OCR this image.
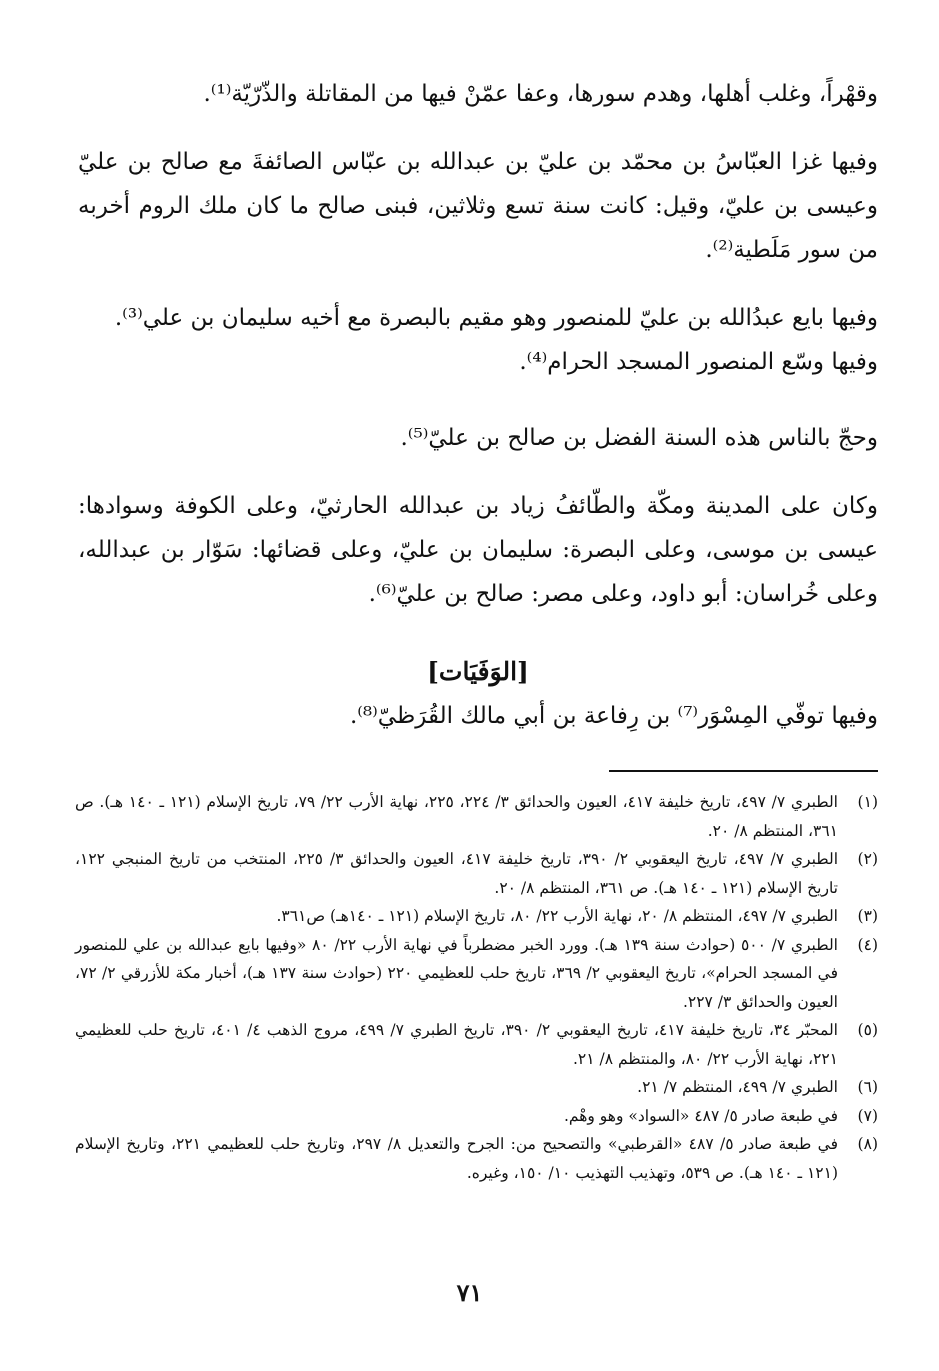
وقهْراً، وغلب أهلها، وهدم سورها، وعفا عمّنْ فيها من المقاتلة والذّرّيّة⁽¹⁾.

وفيها غزا العبّاسُ بن محمّد بن عليّ بن عبدالله بن عبّاس الصائفةَ مع صالح بن عليّ وعيسى بن عليّ، وقيل: كانت سنة تسع وثلاثين، فبنى صالح ما كان ملك الروم أخربه من سور مَلَطية⁽²⁾.

وفيها بايع عبدُالله بن عليّ للمنصور وهو مقيم بالبصرة مع أخيه سليمان بن علي⁽³⁾.

وفيها وسّع المنصور المسجد الحرام⁽⁴⁾.

وحجّ بالناس هذه السنة الفضل بن صالح بن عليّ⁽⁵⁾.

وكان على المدينة ومكّة والطّائفُ زياد بن عبدالله الحارثيّ، وعلى الكوفة وسوادها: عيسى بن موسى، وعلى البصرة: سليمان بن عليّ، وعلى قضائها: سَوّار بن عبدالله، وعلى خُراسان: أبو داود، وعلى مصر: صالح بن عليّ⁽⁶⁾.

[الوَفَيَات]

وفيها توفّي المِسْوَر⁽⁷⁾ بن رِفاعة بن أبي مالك القُرَظيّ⁽⁸⁾.

(١)
الطبري ٧/ ٤٩٧، تاريخ خليفة ٤١٧، العيون والحدائق ٣/ ٢٢٤، ٢٢٥، نهاية الأرب ٢٢/ ٧٩، تاريخ الإسلام (١٢١ ـ ١٤٠ هـ). ص ٣٦١، المنتظم ٨/ ٢٠.
(٢)
الطبري ٧/ ٤٩٧، تاريخ اليعقوبي ٢/ ٣٩٠، تاريخ خليفة ٤١٧، العيون والحدائق ٣/ ٢٢٥، المنتخب من تاريخ المنبجي ١٢٢، تاريخ الإسلام (١٢١ ـ ١٤٠ هـ). ص ٣٦١، المنتظم ٨/ ٢٠.
(٣)
الطبري ٧/ ٤٩٧، المنتظم ٨/ ٢٠، نهاية الأرب ٢٢/ ٨٠، تاريخ الإسلام (١٢١ ـ ١٤٠هـ) ص٣٦١.
(٤)
الطبري ٧/ ٥٠٠ (حوادث سنة ١٣٩ هـ). وورد الخبر مضطرباً في نهاية الأرب ٢٢/ ٨٠ «وفيها بايع عبدالله بن علي للمنصور في المسجد الحرام»، تاريخ اليعقوبي ٢/ ٣٦٩، تاريخ حلب للعظيمي ٢٢٠ (حوادث سنة ١٣٧ هـ)، أخبار مكة للأزرقي ٢/ ٧٢، العيون والحدائق ٣/ ٢٢٧.
(٥)
المحبّر ٣٤، تاريخ خليفة ٤١٧، تاريخ اليعقوبي ٢/ ٣٩٠، تاريخ الطبري ٧/ ٤٩٩، مروج الذهب ٤/ ٤٠١، تاريخ حلب للعظيمي ٢٢١، نهاية الأرب ٢٢/ ٨٠، والمنتظم ٨/ ٢١.
(٦)
الطبري ٧/ ٤٩٩، المنتظم ٧/ ٢١.
(٧)
في طبعة صادر ٥/ ٤٨٧ «السواد» وهو وهْم.
(٨)
في طبعة صادر ٥/ ٤٨٧ «القرطبي» والتصحيح من: الجرح والتعديل ٨/ ٢٩٧، وتاريخ حلب للعظيمي ٢٢١، وتاريخ الإسلام (١٢١ ـ ١٤٠ هـ). ص ٥٣٩، وتهذيب التهذيب ١٠/ ١٥٠، وغيره.
٧١
